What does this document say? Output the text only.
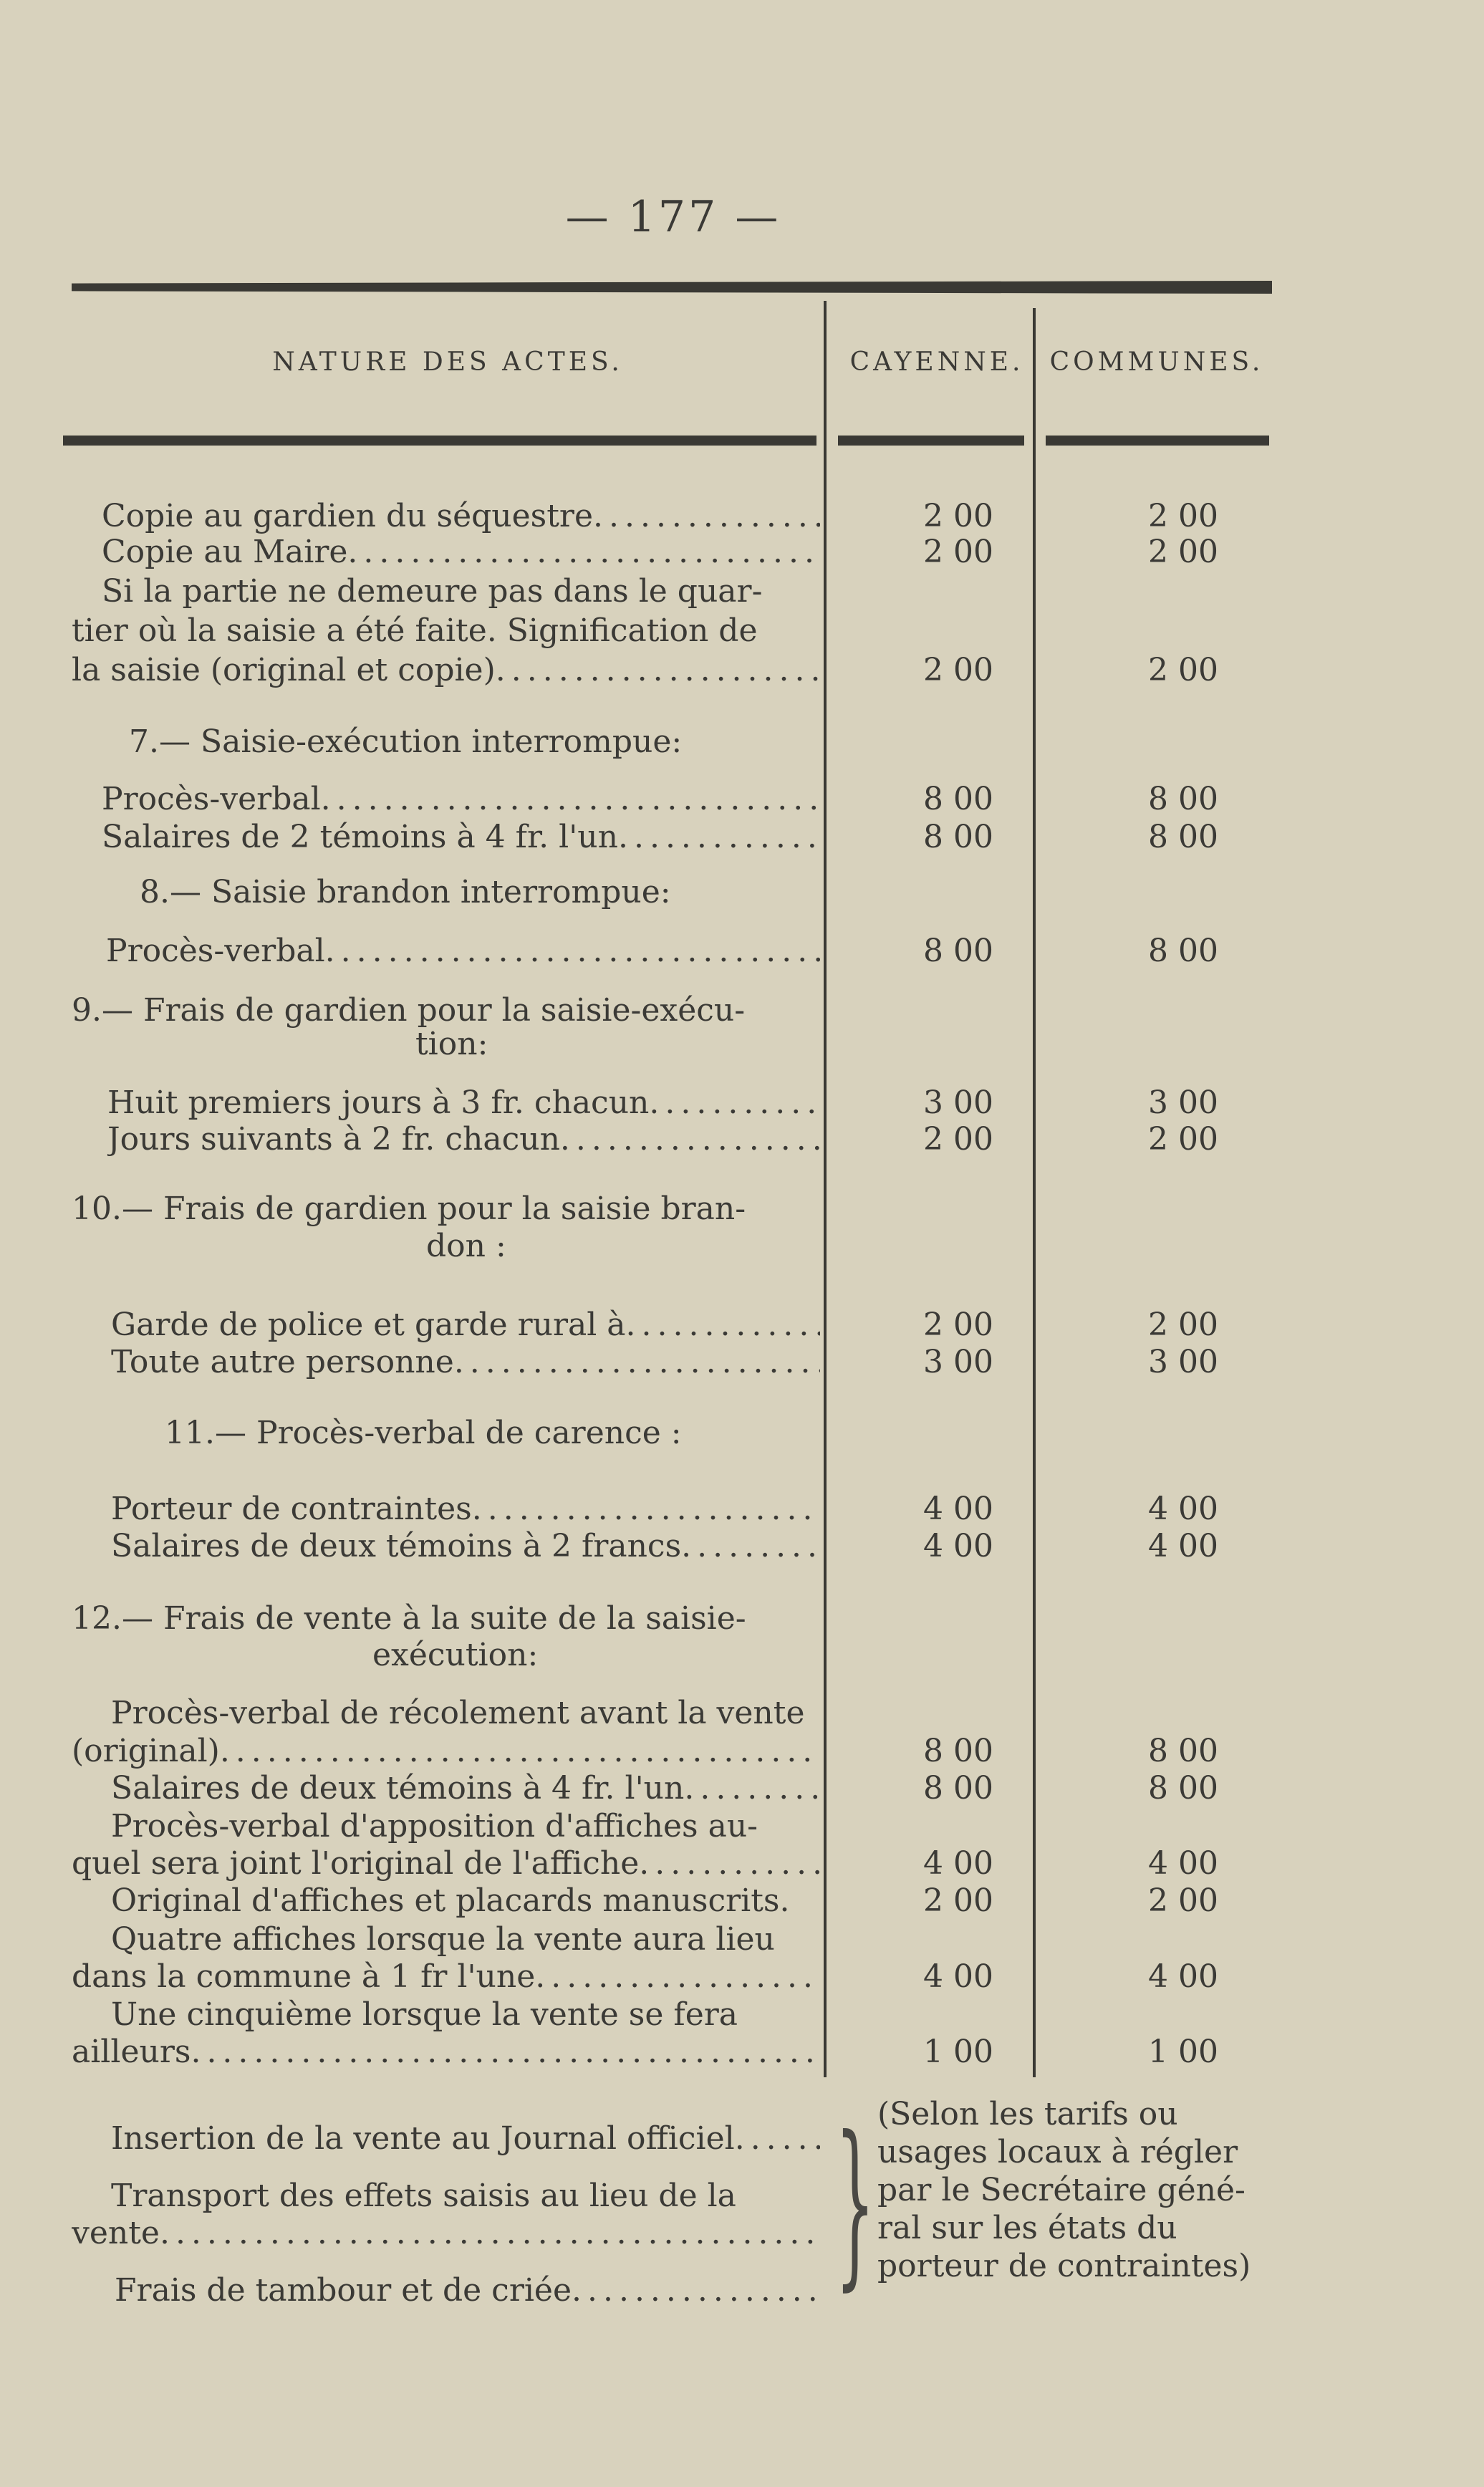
— 177 —
NATURE DES ACTES.	CAYENNE.	COMMUNES.
Copie au gardien du séquestre .....	2 00	2 00
Copie au Maire .....	2 00	2 00
Si la partie ne demeure pas dans le quar-
tier où la saisie a été faite. Signification de
la saisie (original et copie) .....	2 00	2 00
7.— Saisie-exécution interrompue:
Procès-verbal .....	8 00	8 00
Salaires de 2 témoins à 4 fr. l'un .....	8 00	8 00
8.— Saisie brandon interrompue:
Procès-verbal .....	8 00	8 00
9.— Frais de gardien pour la saisie-exécu-
tion:
Huit premiers jours à 3 fr. chacun .....	3 00	3 00
Jours suivants à 2 fr. chacun .....	2 00	2 00
10.— Frais de gardien pour la saisie bran-
don :
Garde de police et garde rural à .....	2 00	2 00
Toute autre personne .....	3 00	3 00
11.— Procès-verbal de carence :
Porteur de contraintes .....	4 00	4 00
Salaires de deux témoins à 2 francs .....	4 00	4 00
12.— Frais de vente à la suite de la saisie-
exécution:
Procès-verbal de récolement avant la vente
(original) .....	8 00	8 00
Salaires de deux témoins à 4 fr. l'un .....	8 00	8 00
Procès-verbal d'apposition d'affiches au-
quel sera joint l'original de l'affiche .....	4 00	4 00
Original d'affiches et placards manuscrits.	2 00	2 00
Quatre affiches lorsque la vente aura lieu
dans la commune à 1 fr l'une .....	4 00	4 00
Une cinquième lorsque la vente se fera
ailleurs .....	1 00	1 00
Insertion de la vente au Journal officiel
.....
Transport des effets saisis au lieu de la
vente
.....
Frais de tambour et de criée ..... } (Selon les tarifs ou
usages locaux à régler
par le Secrétaire géné-
ral sur les états du
porteur de contraintes)
